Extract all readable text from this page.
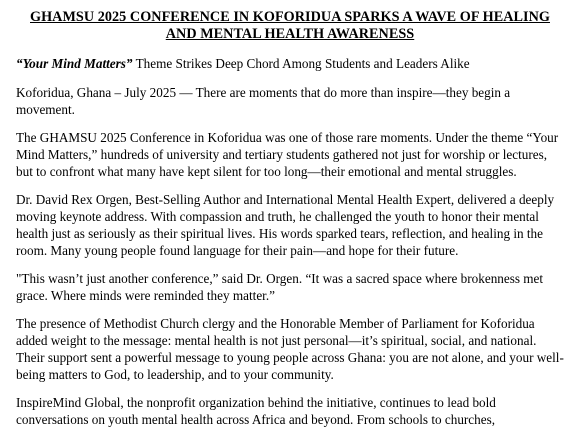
GHAMSU 2025 CONFERENCE IN KOFORIDUA SPARKS A WAVE OF HEALING
AND MENTAL HEALTH AWARENESS

“Your Mind Matters” Theme Strikes Deep Chord Among Students and Leaders Alike

Koforidua, Ghana – July 2025 — There are moments that do more than inspire—they begin a movement.

The GHAMSU 2025 Conference in Koforidua was one of those rare moments. Under the theme “Your Mind Matters,” hundreds of university and tertiary students gathered not just for worship or lectures, but to confront what many have kept silent for too long—their emotional and mental struggles.

Dr. David Rex Orgen, Best-Selling Author and International Mental Health Expert, delivered a deeply moving keynote address. With compassion and truth, he challenged the youth to honor their mental health just as seriously as their spiritual lives. His words sparked tears, reflection, and healing in the room. Many young people found language for their pain—and hope for their future.

"This wasn’t just another conference,” said Dr. Orgen. “It was a sacred space where brokenness met grace. Where minds were reminded they matter.”

The presence of Methodist Church clergy and the Honorable Member of Parliament for Koforidua added weight to the message: mental health is not just personal—it’s spiritual, social, and national. Their support sent a powerful message to young people across Ghana: you are not alone, and your well-being matters to God, to leadership, and to your community.

InspireMind Global, the nonprofit organization behind the initiative, continues to lead bold conversations on youth mental health across Africa and beyond. From schools to churches,
